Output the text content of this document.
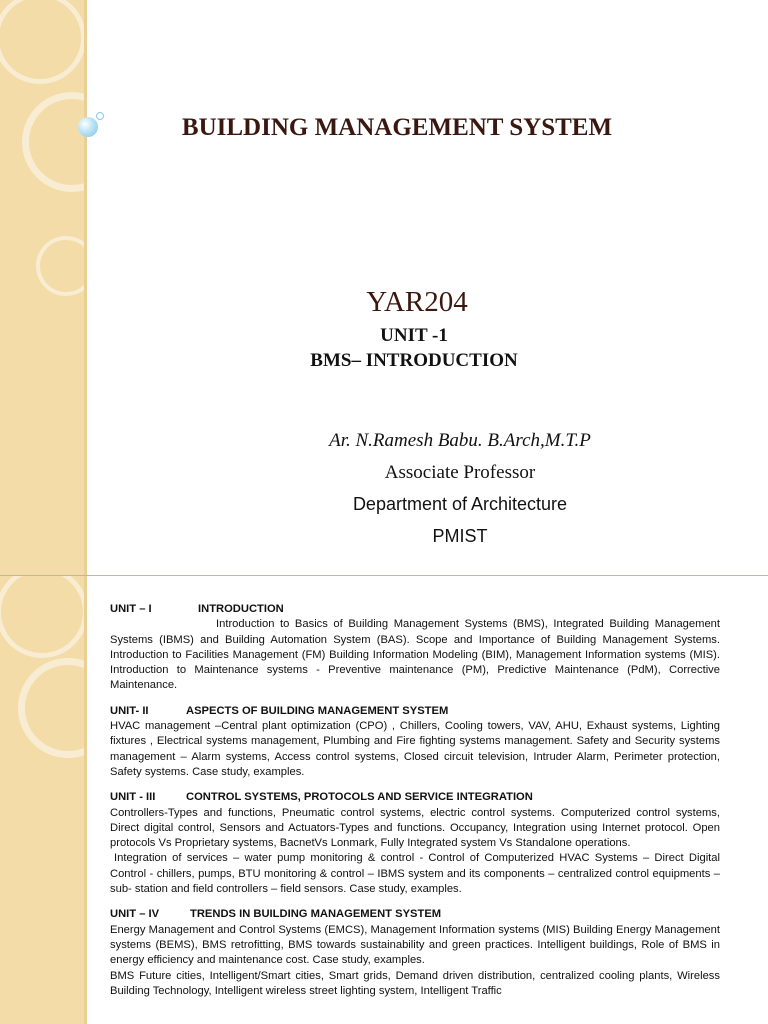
BUILDING MANAGEMENT SYSTEM
YAR204
UNIT -1
BMS– INTRODUCTION
Ar. N.Ramesh Babu. B.Arch,M.T.P
Associate Professor
Department of Architecture
PMIST
UNIT – I	INTRODUCTION

Introduction to Basics of Building Management Systems (BMS), Integrated Building Management Systems (IBMS) and Building Automation System (BAS). Scope and Importance of Building Management Systems. Introduction to Facilities Management (FM) Building Information Modeling (BIM), Management Information systems (MIS). Introduction to Maintenance systems - Preventive maintenance (PM), Predictive Maintenance (PdM), Corrective Maintenance.

UNIT- II	ASPECTS OF BUILDING MANAGEMENT SYSTEM

HVAC management –Central plant optimization (CPO) , Chillers, Cooling towers, VAV, AHU, Exhaust systems, Lighting fixtures , Electrical systems management, Plumbing and Fire fighting systems management. Safety and Security systems management – Alarm systems, Access control systems, Closed circuit television, Intruder Alarm, Perimeter protection, Safety systems. Case study, examples.

UNIT - III	CONTROL SYSTEMS, PROTOCOLS AND SERVICE INTEGRATION

Controllers-Types and functions, Pneumatic control systems, electric control systems. Computerized control systems, Direct digital control, Sensors and Actuators-Types and functions. Occupancy, Integration using Internet protocol. Open protocols Vs Proprietary systems, BacnetVs Lonmark, Fully Integrated system Vs Standalone operations.

Integration of services – water pump monitoring & control - Control of Computerized HVAC Systems – Direct Digital Control - chillers, pumps, BTU monitoring & control – IBMS system and its components – centralized control equipments – sub- station and field controllers – field sensors. Case study, examples.

UNIT – IV	TRENDS IN BUILDING MANAGEMENT SYSTEM

Energy Management and Control Systems (EMCS), Management Information systems (MIS) Building Energy Management systems (BEMS), BMS retrofitting, BMS towards sustainability and green practices. Intelligent buildings, Role of BMS in energy efficiency and maintenance cost. Case study, examples.

BMS Future cities, Intelligent/Smart cities, Smart grids, Demand driven distribution, centralized cooling plants, Wireless Building Technology, Intelligent wireless street lighting system, Intelligent Traffic
